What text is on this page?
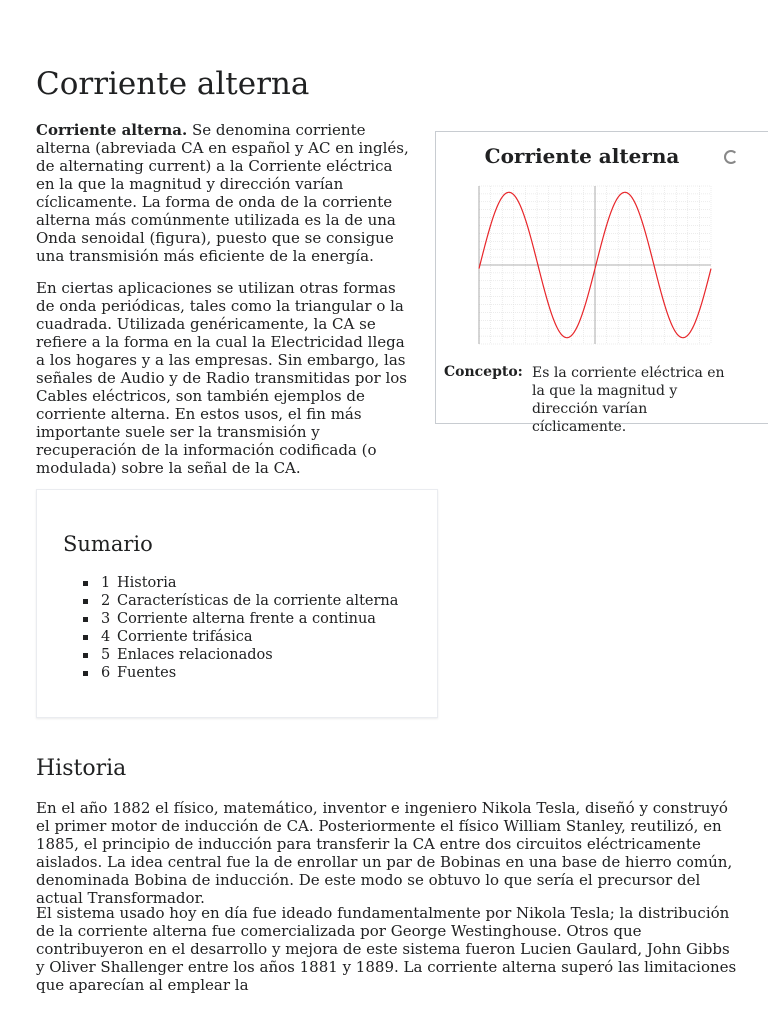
Corriente alterna

Corriente alterna. Se denomina corriente alterna (abreviada CA en español y AC en inglés, de alternating current) a la Corriente eléctrica en la que la magnitud y dirección varían cíclicamente. La forma de onda de la corriente alterna más comúnmente utilizada es la de una Onda senoidal (figura), puesto que se consigue una transmisión más eficiente de la energía.

En ciertas aplicaciones se utilizan otras formas de onda periódicas, tales como la triangular o la cuadrada. Utilizada genéricamente, la CA se refiere a la forma en la cual la Electricidad llega a los hogares y a las empresas. Sin embargo, las señales de Audio y de Radio transmitidas por los Cables eléctricos, son también ejemplos de corriente alterna. En estos usos, el fin más importante suele ser la transmisión y recuperación de la información codificada (o modulada) sobre la señal de la CA.

Corriente alterna
Concepto: Es la corriente eléctrica en la que la magnitud y dirección varían cíclicamente.
Sumario
1 Historia
2 Características de la corriente alterna
3 Corriente alterna frente a continua
4 Corriente trifásica
5 Enlaces relacionados
6 Fuentes
Historia

En el año 1882 el físico, matemático, inventor e ingeniero Nikola Tesla, diseñó y construyó el primer motor de inducción de CA. Posteriormente el físico William Stanley, reutilizó, en 1885, el principio de inducción para transferir la CA entre dos circuitos eléctricamente aislados. La idea central fue la de enrollar un par de Bobinas en una base de hierro común, denominada Bobina de inducción. De este modo se obtuvo lo que sería el precursor del actual Transformador.

El sistema usado hoy en día fue ideado fundamentalmente por Nikola Tesla; la distribución de la corriente alterna fue comercializada por George Westinghouse. Otros que contribuyeron en el desarrollo y mejora de este sistema fueron Lucien Gaulard, John Gibbs y Oliver Shallenger entre los años 1881 y 1889. La corriente alterna superó las limitaciones que aparecían al emplear la
